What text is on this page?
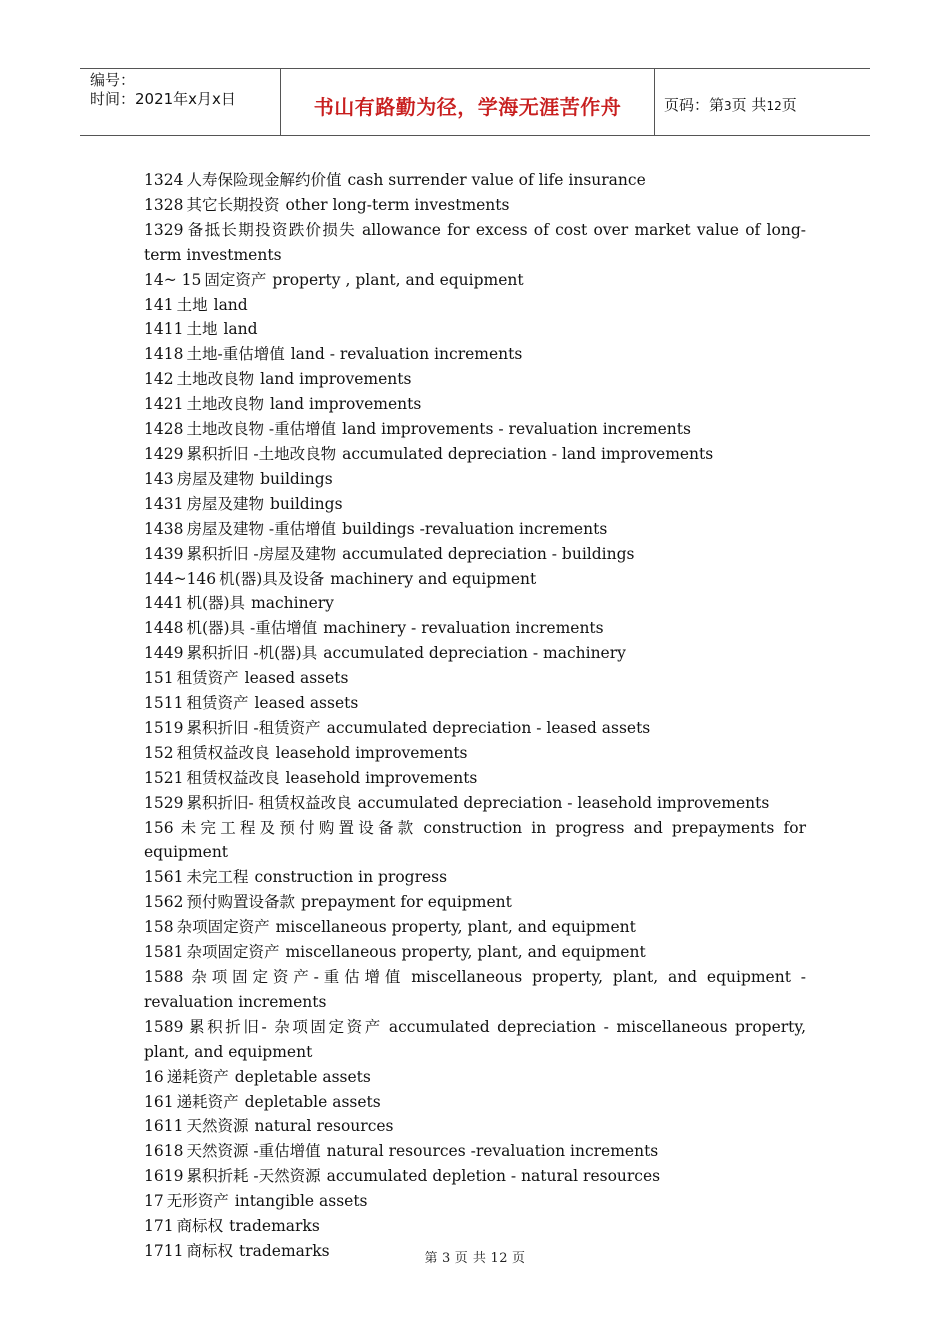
编号：
时间：2021年x月x日	书山有路勤为径，学海无涯苦作舟	页码：第3页 共12页

1324 人寿保险现金解约价值 cash surrender value of life insurance

1328 其它长期投资 other long-term investments

1329 备抵长期投资跌价损失 allowance for excess of cost over market value of long-term investments

14~ 15 固定资产 property , plant, and equipment

141 土地 land

1411 土地 land

1418 土地-重估增值 land - revaluation increments

142 土地改良物 land improvements

1421 土地改良物 land improvements

1428 土地改良物 -重估增值 land improvements - revaluation increments

1429 累积折旧 -土地改良物 accumulated depreciation - land improvements

143 房屋及建物 buildings

1431 房屋及建物 buildings

1438 房屋及建物 -重估增值 buildings -revaluation increments

1439 累积折旧 -房屋及建物 accumulated depreciation - buildings

144~146 机(器)具及设备 machinery and equipment

1441 机(器)具 machinery

1448 机(器)具 -重估增值 machinery - revaluation increments

1449 累积折旧 -机(器)具 accumulated depreciation - machinery

151 租赁资产 leased assets

1511 租赁资产 leased assets

1519 累积折旧 -租赁资产 accumulated depreciation - leased assets

152 租赁权益改良 leasehold improvements

1521 租赁权益改良 leasehold improvements

1529 累积折旧- 租赁权益改良 accumulated depreciation - leasehold improvements

156 未完工程及预付购置设备款 construction in progress and prepayments for equipment

1561 未完工程 construction in progress

1562 预付购置设备款 prepayment for equipment

158 杂项固定资产 miscellaneous property, plant, and equipment

1581 杂项固定资产 miscellaneous property, plant, and equipment

1588 杂项固定资产-重估增值 miscellaneous property, plant, and equipment - revaluation increments

1589 累积折旧- 杂项固定资产 accumulated depreciation - miscellaneous property, plant, and equipment

16 递耗资产 depletable assets

161 递耗资产 depletable assets

1611 天然资源 natural resources

1618 天然资源 -重估增值 natural resources -revaluation increments

1619 累积折耗 -天然资源 accumulated depletion - natural resources

17 无形资产 intangible assets

171 商标权 trademarks

1711 商标权 trademarks	第 3 页 共 12 页
